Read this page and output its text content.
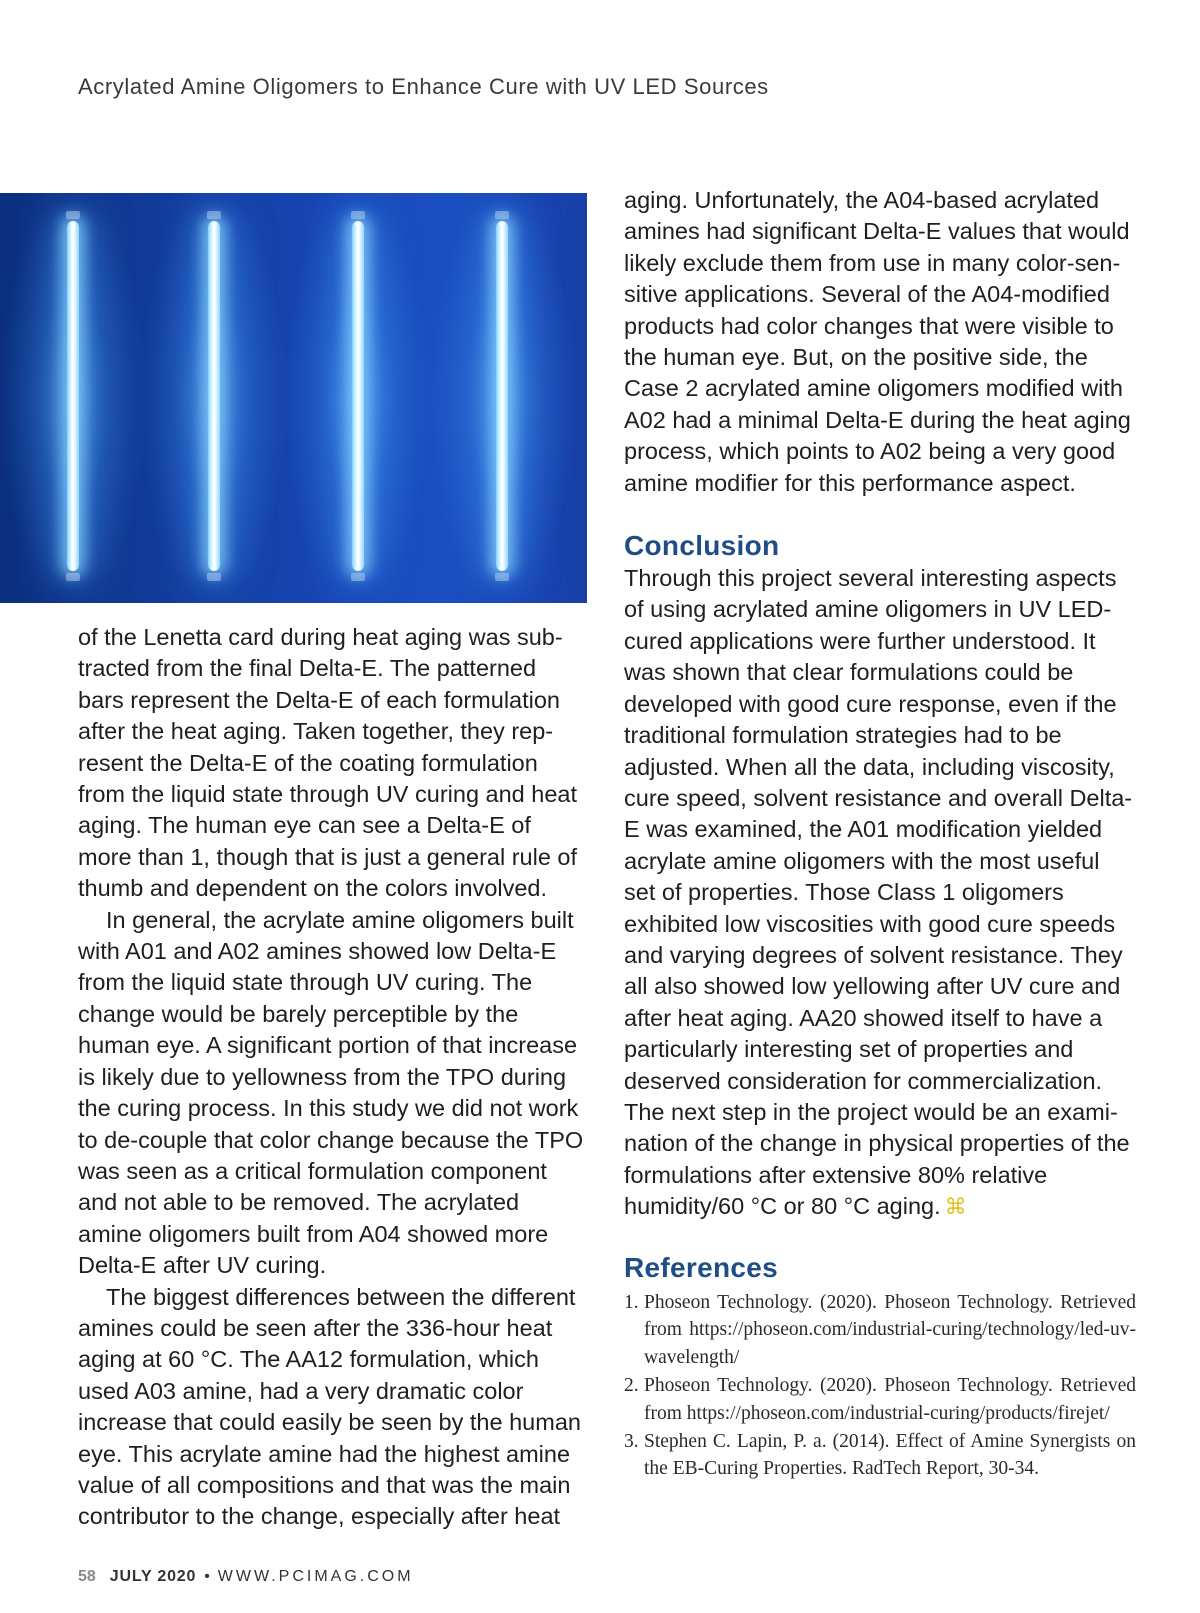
Acrylated Amine Oligomers to Enhance Cure with UV LED Sources

of the Lenetta card during heat aging was subtracted from the final Delta-E. The patterned bars represent the Delta-E of each formulation after the heat aging. Taken together, they represent the Delta-E of the coating formulation from the liquid state through UV curing and heat aging. The human eye can see a Delta-E of more than 1, though that is just a general rule of thumb and dependent on the colors involved.

In general, the acrylate amine oligomers built with A01 and A02 amines showed low Delta-E from the liquid state through UV curing. The change would be barely perceptible by the human eye. A significant portion of that increase is likely due to yellowness from the TPO during the curing process. In this study we did not work to de-couple that color change because the TPO was seen as a critical formulation component and not able to be removed. The acrylated amine oligomers built from A04 showed more Delta-E after UV curing.

The biggest differences between the different amines could be seen after the 336-hour heat aging at 60 °C. The AA12 formulation, which used A03 amine, had a very dramatic color increase that could easily be seen by the human eye. This acrylate amine had the highest amine value of all compositions and that was the main contributor to the change, especially after heat

aging. Unfortunately, the A04-based acrylated amines had significant Delta-E values that would likely exclude them from use in many color-sensitive applications. Several of the A04-modified products had color changes that were visible to the human eye. But, on the positive side, the Case 2 acrylated amine oligomers modified with A02 had a minimal Delta-E during the heat aging process, which points to A02 being a very good amine modifier for this performance aspect.

Conclusion

Through this project several interesting aspects of using acrylated amine oligomers in UV LED-cured applications were further understood. It was shown that clear formulations could be developed with good cure response, even if the traditional formulation strategies had to be adjusted. When all the data, including viscosity, cure speed, solvent resistance and overall Delta-E was examined, the A01 modification yielded acrylate amine oligomers with the most useful set of properties. Those Class 1 oligomers exhibited low viscosities with good cure speeds and varying degrees of solvent resistance. They all also showed low yellowing after UV cure and after heat aging. AA20 showed itself to have a particularly interesting set of properties and deserved consideration for commercialization. The next step in the project would be an examination of the change in physical properties of the formulations after extensive 80% relative humidity/60 °C or 80 °C aging. ⌘

References
1. Phoseon Technology. (2020). Phoseon Technology. Retrieved from https://phoseon.com/industrial-curing/technology/led-uv-wavelength/
2. Phoseon Technology. (2020). Phoseon Technology. Retrieved from https://phoseon.com/industrial-curing/products/firejet/
3. Stephen C. Lapin, P. a. (2014). Effect of Amine Synergists on the EB-Curing Properties. RadTech Report, 30-34.
58 JULY 2020 • WWW.PCIMAG.COM
